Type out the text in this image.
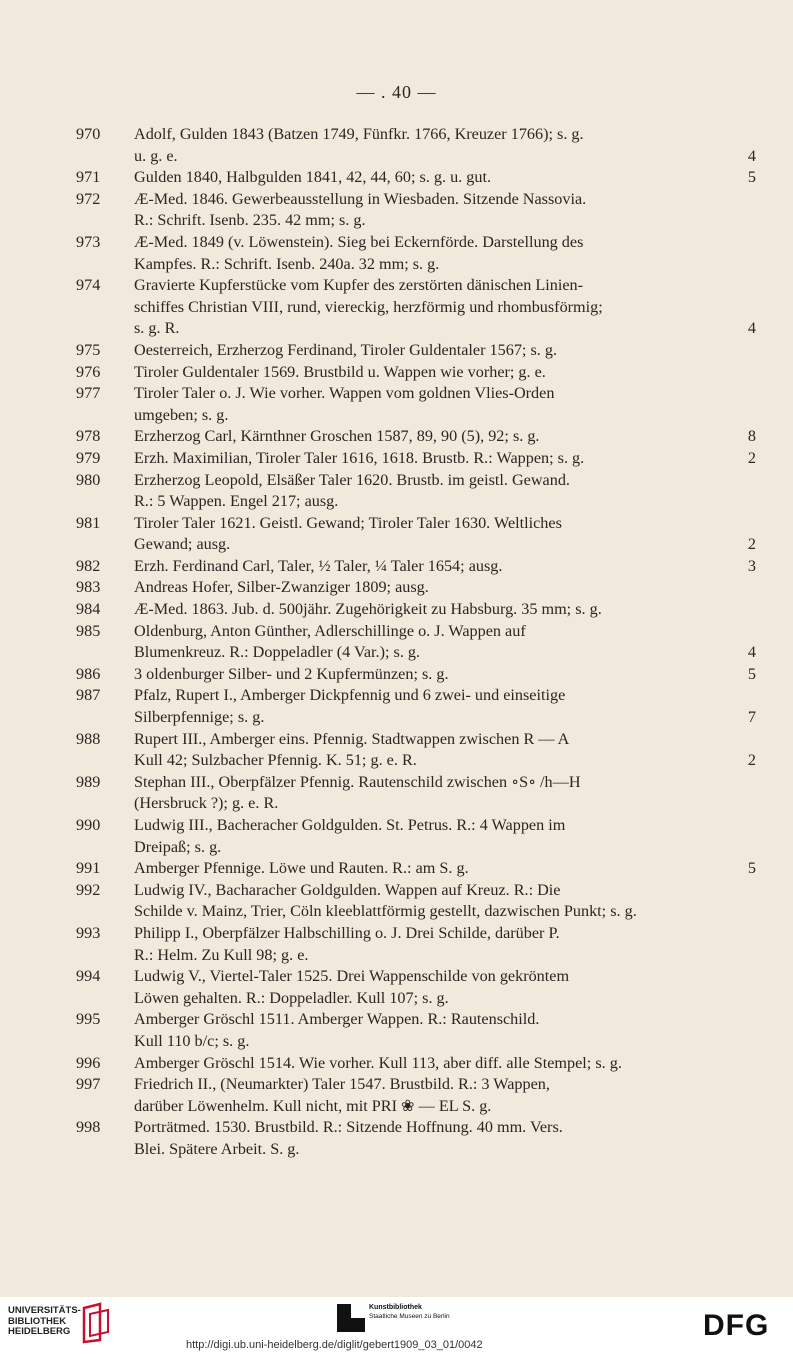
— . 40 —
970	Adolf, Gulden 1843 (Batzen 1749, Fünfkr. 1766, Kreuzer 1766); s. g.
u. g. e.	4
971	Gulden 1840, Halbgulden 1841, 42, 44, 60; s. g. u. gut.	5
972	Æ-Med. 1846. Gewerbeausstellung in Wiesbaden. Sitzende Nassovia.
R.: Schrift. Isenb. 235. 42 mm; s. g.
973	Æ-Med. 1849 (v. Löwenstein). Sieg bei Eckernförde. Darstellung des
Kampfes. R.: Schrift. Isenb. 240a. 32 mm; s. g.
974	Gravierte Kupferstücke vom Kupfer des zerstörten dänischen Linien-
schiffes Christian VIII, rund, viereckig, herzförmig und rhombusförmig;
s. g. R.	4
975	Oesterreich, Erzherzog Ferdinand, Tiroler Guldentaler 1567; s. g.
976	Tiroler Guldentaler 1569. Brustbild u. Wappen wie vorher; g. e.
977	Tiroler Taler o. J. Wie vorher. Wappen vom goldnen Vlies-Orden
umgeben; s. g.
978	Erzherzog Carl, Kärnthner Groschen 1587, 89, 90 (5), 92; s. g.	8
979	Erzh. Maximilian, Tiroler Taler 1616, 1618. Brustb. R.: Wappen; s. g.	2
980	Erzherzog Leopold, Elsäßer Taler 1620. Brustb. im geistl. Gewand.
R.: 5 Wappen. Engel 217; ausg.
981	Tiroler Taler 1621. Geistl. Gewand; Tiroler Taler 1630. Weltliches
Gewand; ausg.	2
982	Erzh. Ferdinand Carl, Taler, ½ Taler, ¼ Taler 1654; ausg.	3
983	Andreas Hofer, Silber-Zwanziger 1809; ausg.
984	Æ-Med. 1863. Jub. d. 500jähr. Zugehörigkeit zu Habsburg. 35 mm; s. g.
985	Oldenburg, Anton Günther, Adlerschillinge o. J. Wappen auf
Blumenkreuz. R.: Doppeladler (4 Var.); s. g.	4
986	3 oldenburger Silber- und 2 Kupfermünzen; s. g.	5
987	Pfalz, Rupert I., Amberger Dickpfennig und 6 zwei- und einseitige
Silberpfennige; s. g.	7
988	Rupert III., Amberger eins. Pfennig. Stadtwappen zwischen R — A
Kull 42; Sulzbacher Pfennig. K. 51; g. e. R.	2
989	Stephan III., Oberpfälzer Pfennig. Rautenschild zwischen ∘S∘ /h—H
(Hersbruck ?); g. e. R.
990	Ludwig III., Bacheracher Goldgulden. St. Petrus. R.: 4 Wappen im
Dreipaß; s. g.
991	Amberger Pfennige. Löwe und Rauten. R.: am S. g.	5
992	Ludwig IV., Bacharacher Goldgulden. Wappen auf Kreuz. R.: Die
Schilde v. Mainz, Trier, Cöln kleeblattförmig gestellt, dazwischen Punkt; s. g.
993	Philipp I., Oberpfälzer Halbschilling o. J. Drei Schilde, darüber P.
R.: Helm. Zu Kull 98; g. e.
994	Ludwig V., Viertel-Taler 1525. Drei Wappenschilde von gekröntem
Löwen gehalten. R.: Doppeladler. Kull 107; s. g.
995	Amberger Gröschl 1511. Amberger Wappen. R.: Rautenschild.
Kull 110 b/c; s. g.
996	Amberger Gröschl 1514. Wie vorher. Kull 113, aber diff. alle Stempel; s. g.
997	Friedrich II., (Neumarkter) Taler 1547. Brustbild. R.: 3 Wappen,
darüber Löwenhelm. Kull nicht, mit PRI ❀ — EL S. g.
998	Porträtmed. 1530. Brustbild. R.: Sitzende Hoffnung. 40 mm. Vers.
Blei. Spätere Arbeit. S. g.
UNIVERSITÄTS-
BIBLIOTHEK
HEIDELBERG
Kunstbibliothek
Staatliche Museen zu Berlin
http://digi.ub.uni-heidelberg.de/diglit/gebert1909_03_01/0042
DFG
